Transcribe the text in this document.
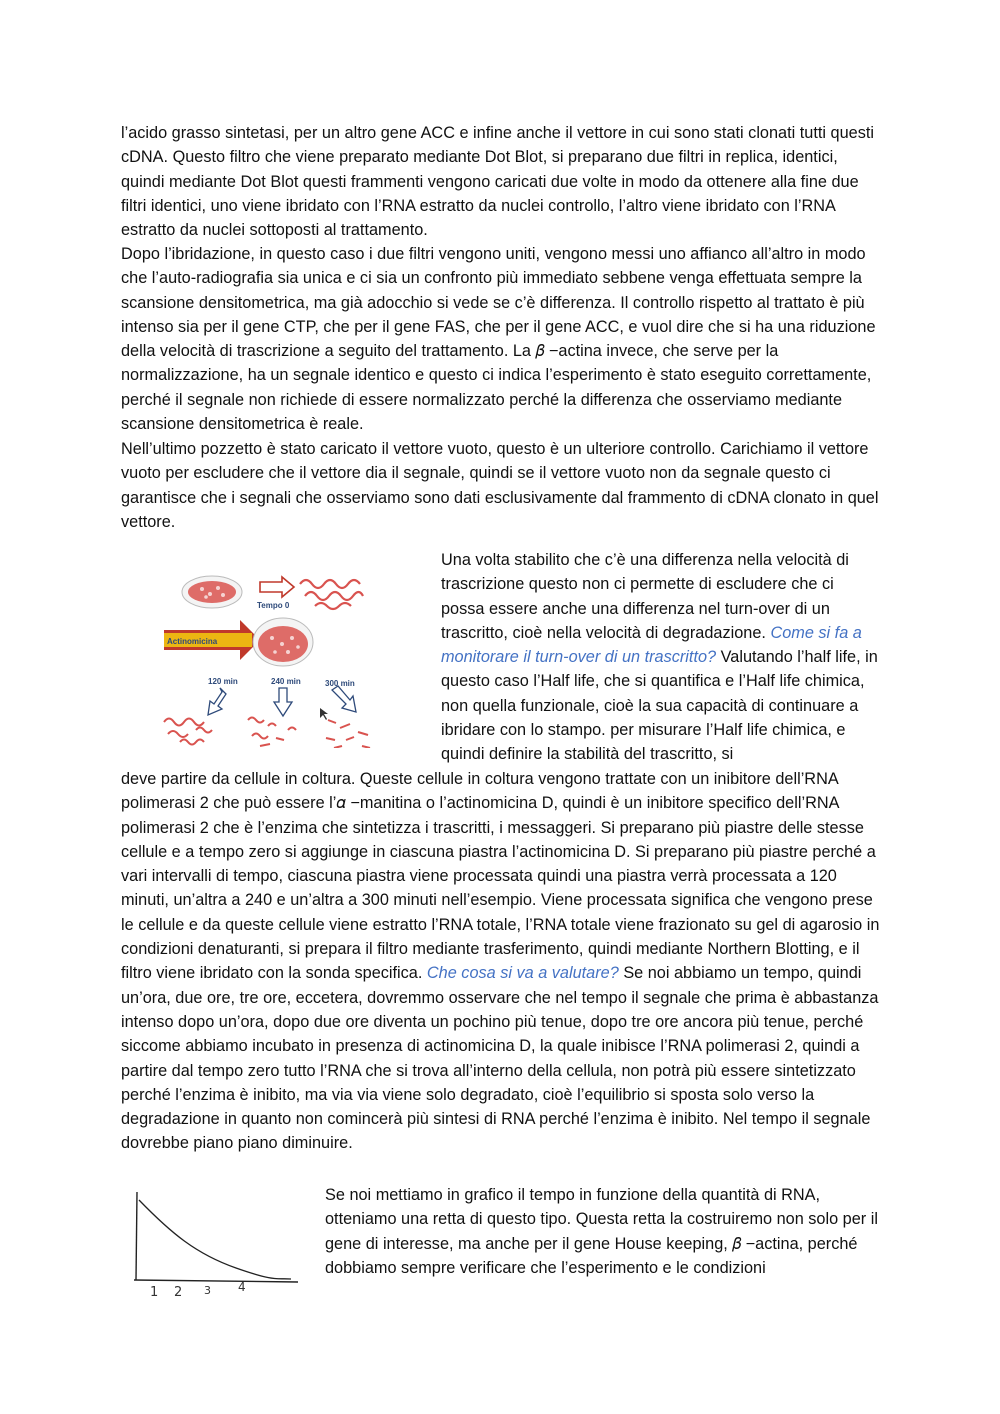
l’acido grasso sintetasi, per un altro gene ACC e infine anche il vettore in cui sono stati clonati tutti questi cDNA. Questo filtro che viene preparato mediante Dot Blot, si preparano due filtri in replica, identici, quindi mediante Dot Blot questi frammenti vengono caricati due volte in modo da ottenere alla fine due filtri identici, uno viene ibridato con l’RNA estratto da nuclei controllo, l’altro viene ibridato con l’RNA estratto da nuclei sottoposti al trattamento.

Dopo l’ibridazione, in questo caso i due filtri vengono uniti, vengono messi uno affianco all’altro in modo che l’auto-radiografia sia unica e ci sia un confronto più immediato sebbene venga effettuata sempre la scansione densitometrica, ma già adocchio si vede se c’è differenza. Il controllo rispetto al trattato è più intenso sia per il gene CTP, che per il gene FAS, che per il gene ACC, e vuol dire che si ha una riduzione della velocità di trascrizione a seguito del trattamento. La 𝛽 −actina invece, che serve per la normalizzazione, ha un segnale identico e questo ci indica l’esperimento è stato eseguito correttamente, perché il segnale non richiede di essere normalizzato perché la differenza che osserviamo mediante scansione densitometrica è reale.

Nell’ultimo pozzetto è stato caricato il vettore vuoto, questo è un ulteriore controllo. Carichiamo il vettore vuoto per escludere che il vettore dia il segnale, quindi se il vettore vuoto non da segnale questo ci garantisce che i segnali che osserviamo sono dati esclusivamente dal frammento di cDNA clonato in quel vettore.

Tempo 0
Actinomicina
120 min	240 min	300 min

Una volta stabilito che c’è una differenza nella velocità di trascrizione questo non ci permette di escludere che ci possa essere anche una differenza nel turn-over di un trascritto, cioè nella velocità di degradazione. Come si fa a monitorare il turn-over di un trascritto? Valutando l’half life, in questo caso l’Half life, che si quantifica e l’Half life chimica, non quella funzionale, cioè la sua capacità di continuare a ibridare con lo stampo. per misurare l’Half life chimica, e quindi definire la stabilità del trascritto, si

deve partire da cellule in coltura. Queste cellule in coltura vengono trattate con un inibitore dell’RNA polimerasi 2 che può essere l’𝛼 −manitina o l’actinomicina D, quindi è un inibitore specifico dell’RNA polimerasi 2 che è l’enzima che sintetizza i trascritti, i messaggeri. Si preparano più piastre delle stesse cellule e a tempo zero si aggiunge in ciascuna piastra l’actinomicina D. Si preparano più piastre perché a vari intervalli di tempo, ciascuna piastra viene processata quindi una piastra verrà processata a 120 minuti, un’altra a 240 e un’altra a 300 minuti nell’esempio. Viene processata significa che vengono prese le cellule e da queste cellule viene estratto l’RNA totale, l’RNA totale viene frazionato su gel di agarosio in condizioni denaturanti, si prepara il filtro mediante trasferimento, quindi mediante Northern Blotting, e il filtro viene ibridato con la sonda specifica. Che cosa si va a valutare? Se noi abbiamo un tempo, quindi un’ora, due ore, tre ore, eccetera, dovremmo osservare che nel tempo il segnale che prima è abbastanza intenso dopo un’ora, dopo due ore diventa un pochino più tenue, dopo tre ore ancora più tenue, perché siccome abbiamo incubato in presenza di actinomicina D, la quale inibisce l’RNA polimerasi 2, quindi a partire dal tempo zero tutto l’RNA che si trova all’interno della cellula, non potrà più essere sintetizzato perché l’enzima è inibito, ma via via viene solo degradato, cioè l’equilibrio si sposta solo verso la degradazione in quanto non comincerà più sintesi di RNA perché l’enzima è inibito. Nel tempo il segnale dovrebbe piano piano diminuire.

1 2 3 4

Se noi mettiamo in grafico il tempo in funzione della quantità di RNA, otteniamo una retta di questo tipo. Questa retta la costruiremo non solo per il gene di interesse, ma anche per il gene House keeping, 𝛽 −actina, perché dobbiamo sempre verificare che l’esperimento e le condizioni
